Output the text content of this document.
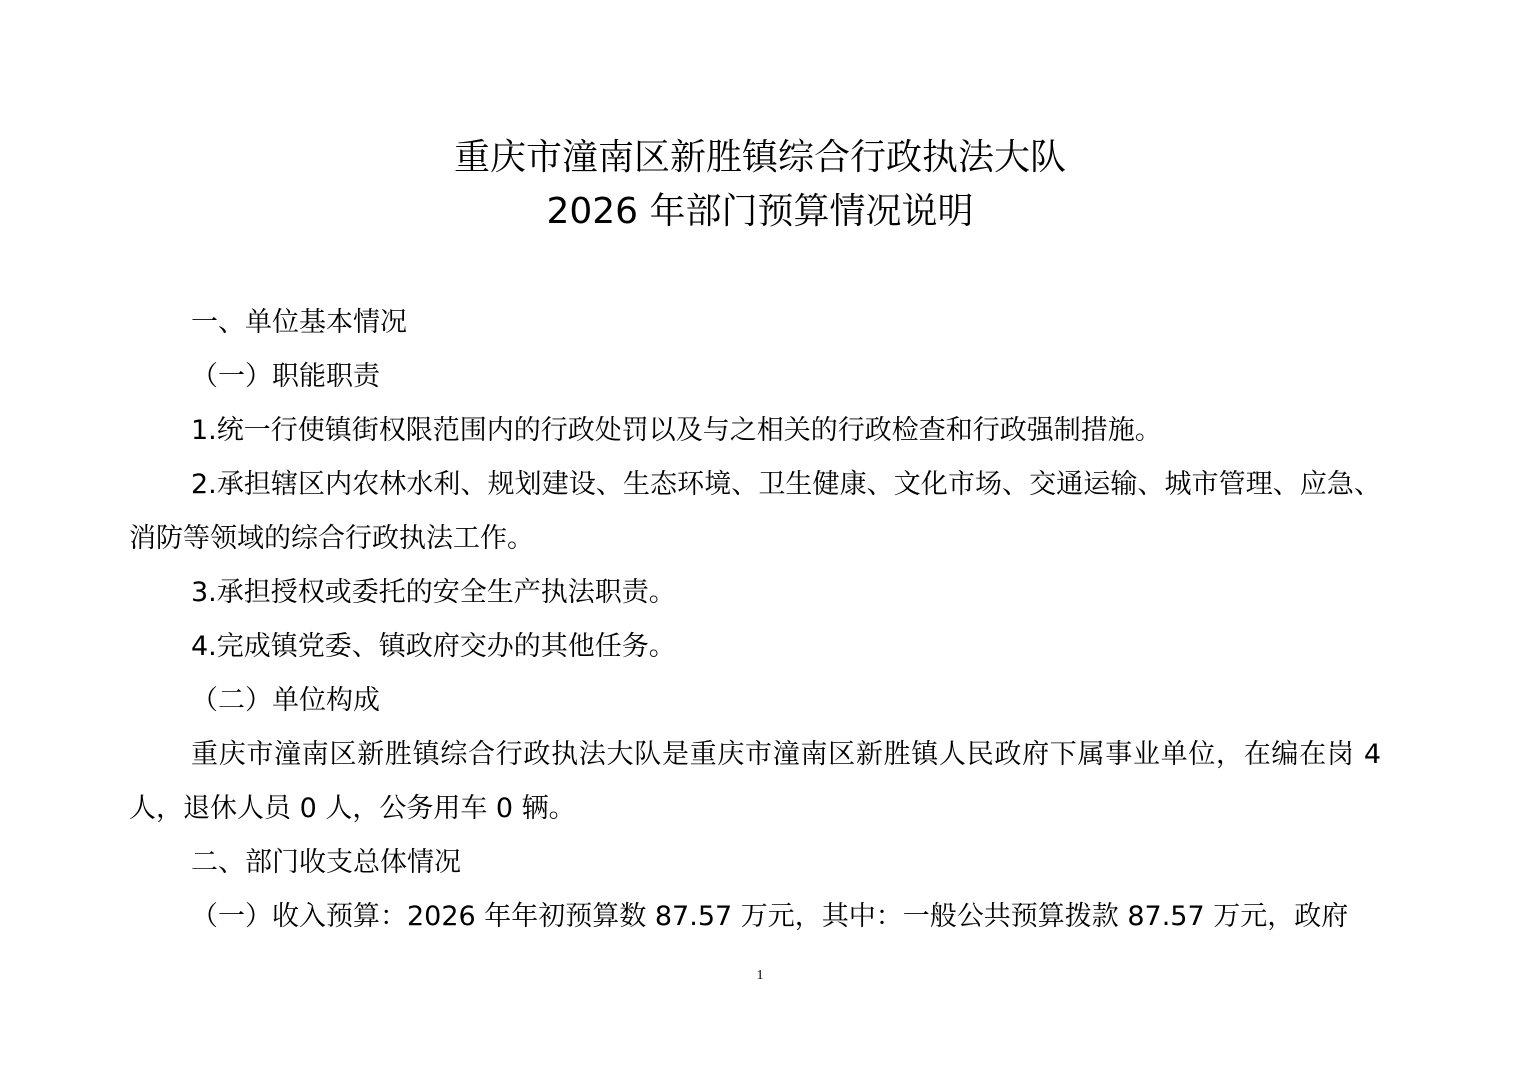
重庆市潼南区新胜镇综合行政执法大队
2026 年部门预算情况说明
一、单位基本情况
（一）职能职责
1.统一行使镇街权限范围内的行政处罚以及与之相关的行政检查和行政强制措施。
2.承担辖区内农林水利、规划建设、生态环境、卫生健康、文化市场、交通运输、城市管理、应急、消防等领域的综合行政执法工作。
3.承担授权或委托的安全生产执法职责。
4.完成镇党委、镇政府交办的其他任务。
（二）单位构成
重庆市潼南区新胜镇综合行政执法大队是重庆市潼南区新胜镇人民政府下属事业单位，在编在岗 4 人，退休人员 0 人，公务用车 0 辆。
二、部门收支总体情况
（一）收入预算：2026 年年初预算数 87.57 万元，其中：一般公共预算拨款 87.57 万元，政府
1
